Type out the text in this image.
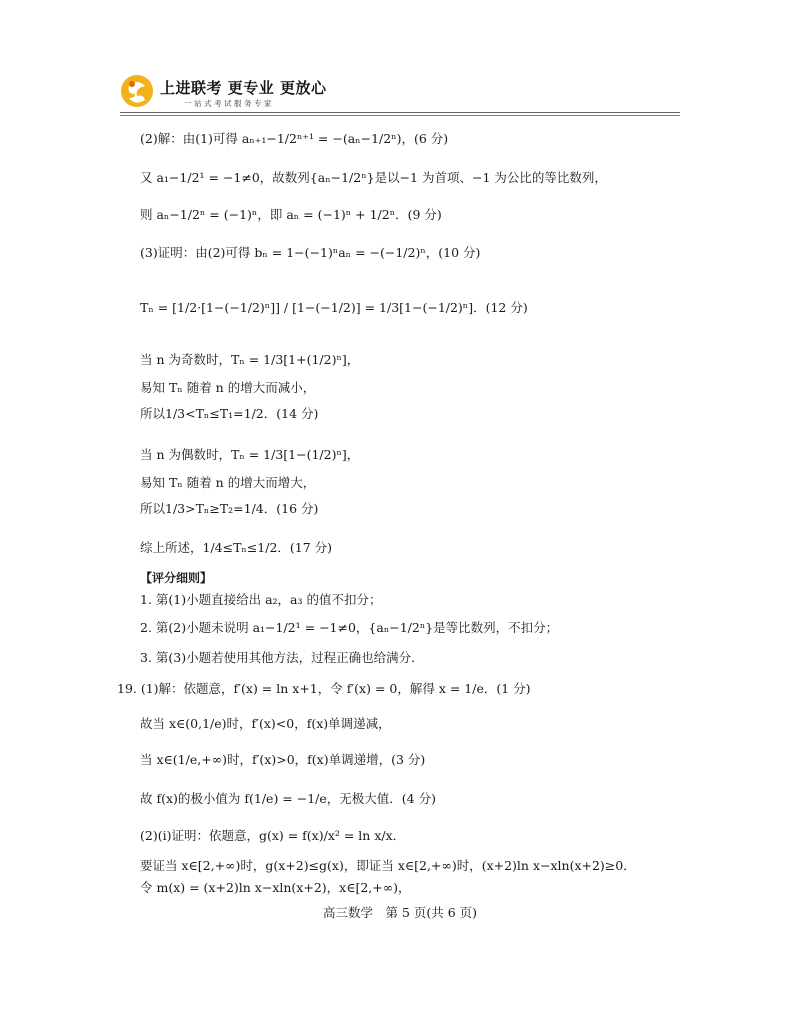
上进联考 更专业 更放心
一站式考试服务专家
(2)解：由(1)可得 aₙ₊₁−1/2ⁿ⁺¹ = −(aₙ−1/2ⁿ)，(6 分)
又 a₁−1/2¹ = −1≠0，故数列{aₙ−1/2ⁿ}是以−1 为首项、−1 为公比的等比数列，
则 aₙ−1/2ⁿ = (−1)ⁿ，即 aₙ = (−1)ⁿ + 1/2ⁿ．(9 分)
(3)证明：由(2)可得 bₙ = 1−(−1)ⁿaₙ = −(−1/2)ⁿ，(10 分)
Tₙ = [1/2·[1−(−1/2)ⁿ]] / [1−(−1/2)] = 1/3[1−(−1/2)ⁿ]．(12 分)
当 n 为奇数时，Tₙ = 1/3[1+(1/2)ⁿ]，
易知 Tₙ 随着 n 的增大而减小，
所以1/3<Tₙ≤T₁=1/2．(14 分)
当 n 为偶数时，Tₙ = 1/3[1−(1/2)ⁿ]，
易知 Tₙ 随着 n 的增大而增大，
所以1/3>Tₙ≥T₂=1/4．(16 分)
综上所述，1/4≤Tₙ≤1/2．(17 分)
【评分细则】
1. 第(1)小题直接给出 a₂，a₃ 的值不扣分；
2. 第(2)小题未说明 a₁−1/2¹ = −1≠0，{aₙ−1/2ⁿ}是等比数列，不扣分；
3. 第(3)小题若使用其他方法，过程正确也给满分．
19. (1)解：依题意，f′(x) = ln x+1，令 f′(x) = 0，解得 x = 1/e．(1 分)
故当 x∈(0,1/e)时，f′(x)<0，f(x)单调递减，
当 x∈(1/e,+∞)时，f′(x)>0，f(x)单调递增，(3 分)
故 f(x)的极小值为 f(1/e) = −1/e，无极大值．(4 分)
(2)(i)证明：依题意，g(x) = f(x)/x² = ln x/x．
要证当 x∈[2,+∞)时，g(x+2)≤g(x)，即证当 x∈[2,+∞)时，(x+2)ln x−xln(x+2)≥0．
令 m(x) = (x+2)ln x−xln(x+2)，x∈[2,+∞)，
高三数学　第 5 页(共 6 页)
